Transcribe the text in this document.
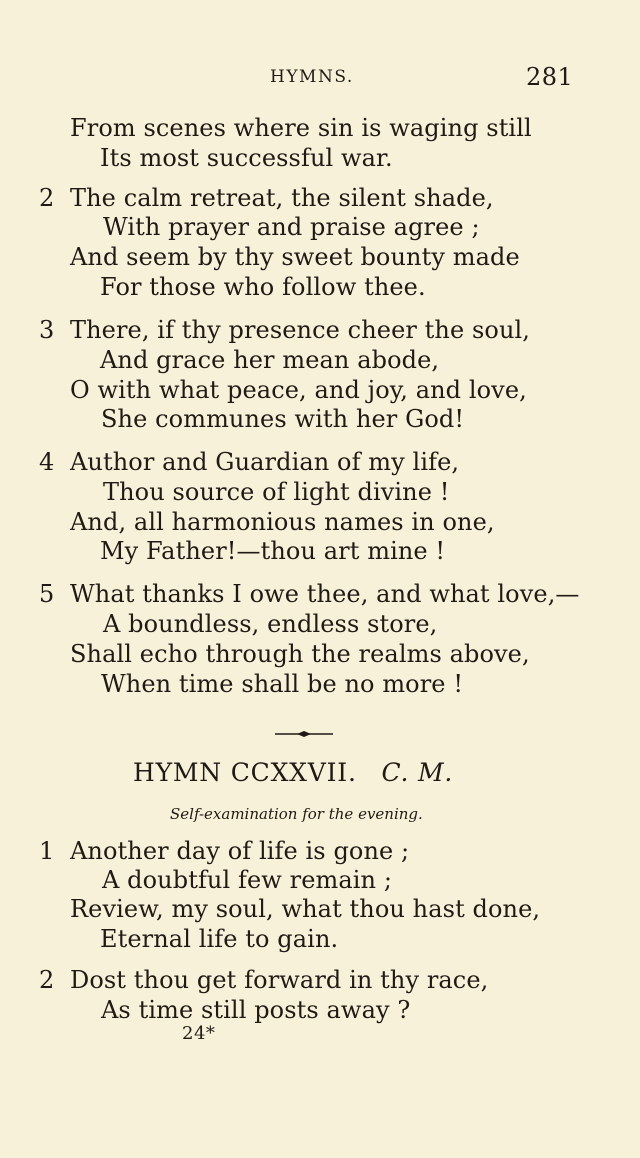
HYMNS.	281
From scenes where sin is waging still
Its most successful war.
2 The calm retreat, the silent shade,
With prayer and praise agree ;
And seem by thy sweet bounty made
For those who follow thee.
3 There, if thy presence cheer the soul,
And grace her mean abode,
O with what peace, and joy, and love,
She communes with her God!
4 Author and Guardian of my life,
Thou source of light divine !
And, all harmonious names in one,
My Father!—thou art mine !
5 What thanks I owe thee, and what love,—
A boundless, endless store,
Shall echo through the realms above,
When time shall be no more !
HYMN CCXXVII. C. M.
Self-examination for the evening.
1 Another day of life is gone ;
A doubtful few remain ;
Review, my soul, what thou hast done,
Eternal life to gain.
2 Dost thou get forward in thy race,
As time still posts away ?
24*
